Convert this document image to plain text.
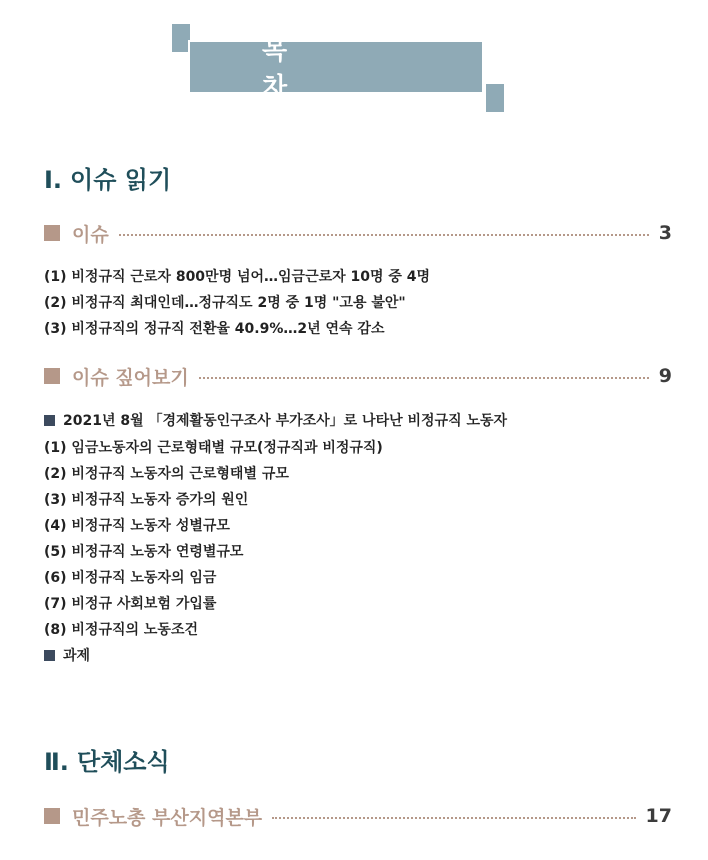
목 차
Ⅰ. 이슈 읽기
이슈	3
(1) 비정규직 근로자 800만명 넘어…임금근로자 10명 중 4명
(2) 비정규직 최대인데…정규직도 2명 중 1명 "고용 불안"
(3) 비정규직의 정규직 전환율 40.9%…2년 연속 감소
이슈 짚어보기	9
2021년 8월 「경제활동인구조사 부가조사」로 나타난 비정규직 노동자
(1) 임금노동자의 근로형태별 규모(정규직과 비정규직)
(2) 비정규직 노동자의 근로형태별 규모
(3) 비정규직 노동자 증가의 원인
(4) 비정규직 노동자 성별규모
(5) 비정규직 노동자 연령별규모
(6) 비정규직 노동자의 임금
(7) 비정규 사회보험 가입률
(8) 비정규직의 노동조건
과제
Ⅱ. 단체소식
민주노총 부산지역본부	17
